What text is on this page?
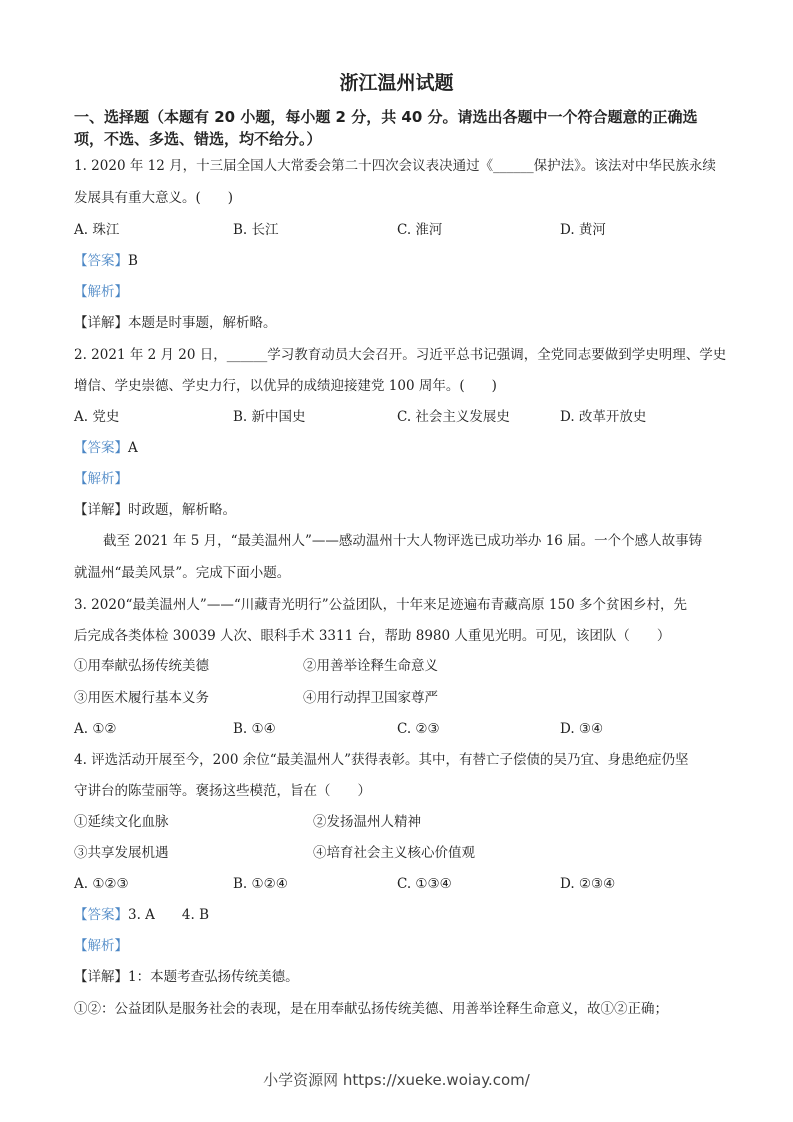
浙江温州试题
一、选择题（本题有 20 小题，每小题 2 分，共 40 分。请选出各题中一个符合题意的正确选
项，不选、多选、错选，均不给分。）
1. 2020 年 12 月，十三届全国人大常委会第二十四次会议表决通过《______保护法》。该法对中华民族永续
发展具有重大意义。(　　)
A. 珠江	B. 长江	C. 淮河	D. 黄河
【答案】B
【解析】
【详解】本题是时事题，解析略。
2. 2021 年 2 月 20 日，______学习教育动员大会召开。习近平总书记强调，全党同志要做到学史明理、学史
增信、学史崇德、学史力行，以优异的成绩迎接建党 100 周年。(　　)
A. 党史	B. 新中国史	C. 社会主义发展史	D. 改革开放史
【答案】A
【解析】
【详解】时政题，解析略。
截至 2021 年 5 月，“最美温州人”——感动温州十大人物评选已成功举办 16 届。一个个感人故事铸
就温州“最美风景”。完成下面小题。
3. 2020“最美温州人”——“川藏青光明行”公益团队，十年来足迹遍布青藏高原 150 多个贫困乡村，先
后完成各类体检 30039 人次、眼科手术 3311 台，帮助 8980 人重见光明。可见，该团队（　　）
①用奉献弘扬传统美德	②用善举诠释生命意义
③用医术履行基本义务	④用行动捍卫国家尊严
A. ①②	B. ①④	C. ②③	D. ③④
4. 评选活动开展至今，200 余位“最美温州人”获得表彰。其中，有替亡子偿债的吴乃宜、身患绝症仍坚
守讲台的陈莹丽等。褒扬这些模范，旨在（　　）
①延续文化血脉	②发扬温州人精神
③共享发展机遇	④培育社会主义核心价值观
A. ①②③	B. ①②④	C. ①③④	D. ②③④
【答案】3. A　　4. B
【解析】
【详解】1：本题考查弘扬传统美德。
①②：公益团队是服务社会的表现，是在用奉献弘扬传统美德、用善举诠释生命意义，故①②正确；
小学资源网 https://xueke.woiay.com/
